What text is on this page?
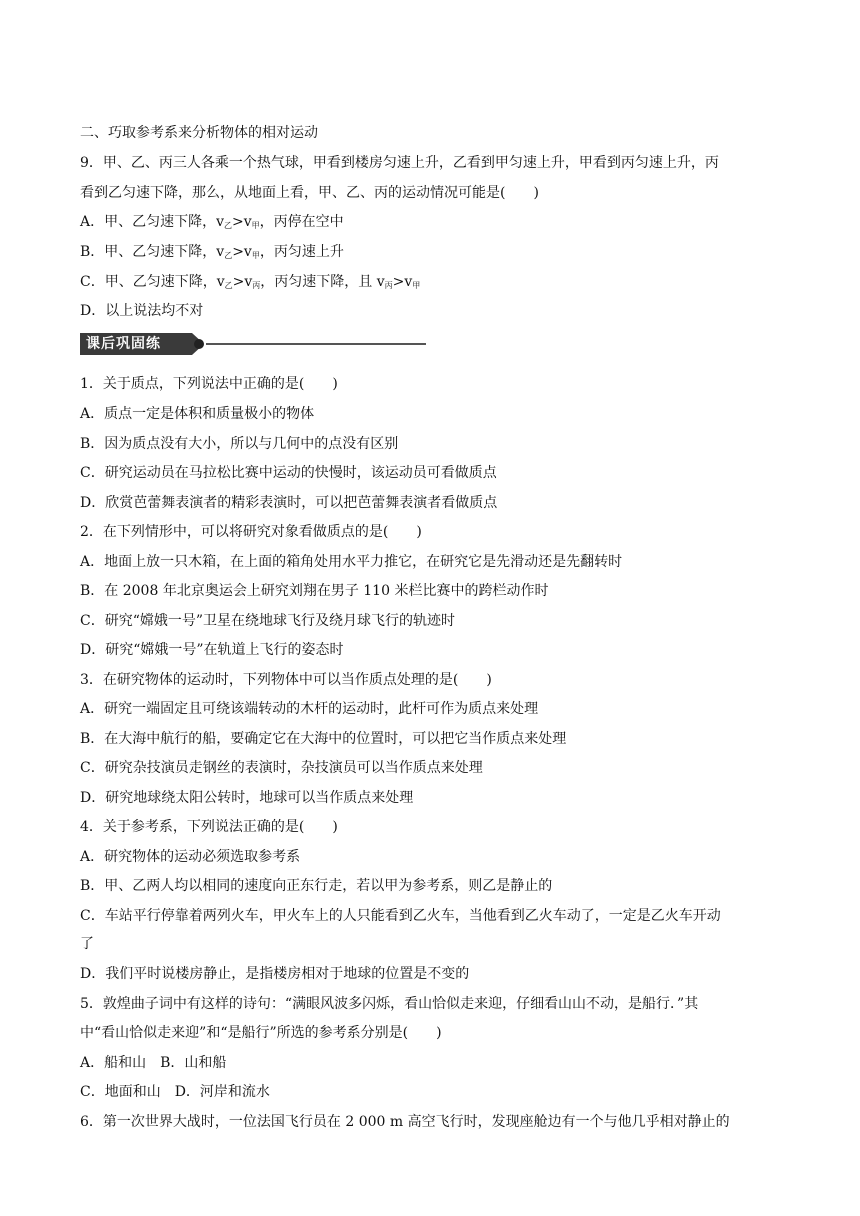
二、巧取参考系来分析物体的相对运动
9．甲、乙、丙三人各乘一个热气球，甲看到楼房匀速上升，乙看到甲匀速上升，甲看到丙匀速上升，丙
看到乙匀速下降，那么，从地面上看，甲、乙、丙的运动情况可能是(　　)
A．甲、乙匀速下降，$v_乙>v_甲$，丙停在空中
B．甲、乙匀速下降，$v_乙>v_甲$，丙匀速上升
C．甲、乙匀速下降，$v_乙>v_丙$，丙匀速下降，且 $v_丙>v_甲$
D．以上说法均不对
课后巩固练
1．关于质点，下列说法中正确的是(　　)
A．质点一定是体积和质量极小的物体
B．因为质点没有大小，所以与几何中的点没有区别
C．研究运动员在马拉松比赛中运动的快慢时，该运动员可看做质点
D．欣赏芭蕾舞表演者的精彩表演时，可以把芭蕾舞表演者看做质点
2．在下列情形中，可以将研究对象看做质点的是(　　)
A．地面上放一只木箱，在上面的箱角处用水平力推它，在研究它是先滑动还是先翻转时
B．在 2008 年北京奥运会上研究刘翔在男子 110 米栏比赛中的跨栏动作时
C．研究“嫦娥一号”卫星在绕地球飞行及绕月球飞行的轨迹时
D．研究“嫦娥一号”在轨道上飞行的姿态时
3．在研究物体的运动时，下列物体中可以当作质点处理的是(　　)
A．研究一端固定且可绕该端转动的木杆的运动时，此杆可作为质点来处理
B．在大海中航行的船，要确定它在大海中的位置时，可以把它当作质点来处理
C．研究杂技演员走钢丝的表演时，杂技演员可以当作质点来处理
D．研究地球绕太阳公转时，地球可以当作质点来处理
4．关于参考系，下列说法正确的是(　　)
A．研究物体的运动必须选取参考系
B．甲、乙两人均以相同的速度向正东行走，若以甲为参考系，则乙是静止的
C．车站平行停靠着两列火车，甲火车上的人只能看到乙火车，当他看到乙火车动了，一定是乙火车开动
了
D．我们平时说楼房静止，是指楼房相对于地球的位置是不变的
5．敦煌曲子词中有这样的诗句：“满眼风波多闪烁，看山恰似走来迎，仔细看山山不动，是船行．”其
中“看山恰似走来迎”和“是船行”所选的参考系分别是(　　)
A．船和山　B．山和船
C．地面和山　D．河岸和流水
6．第一次世界大战时，一位法国飞行员在 2 000 m 高空飞行时，发现座舱边有一个与他几乎相对静止的
